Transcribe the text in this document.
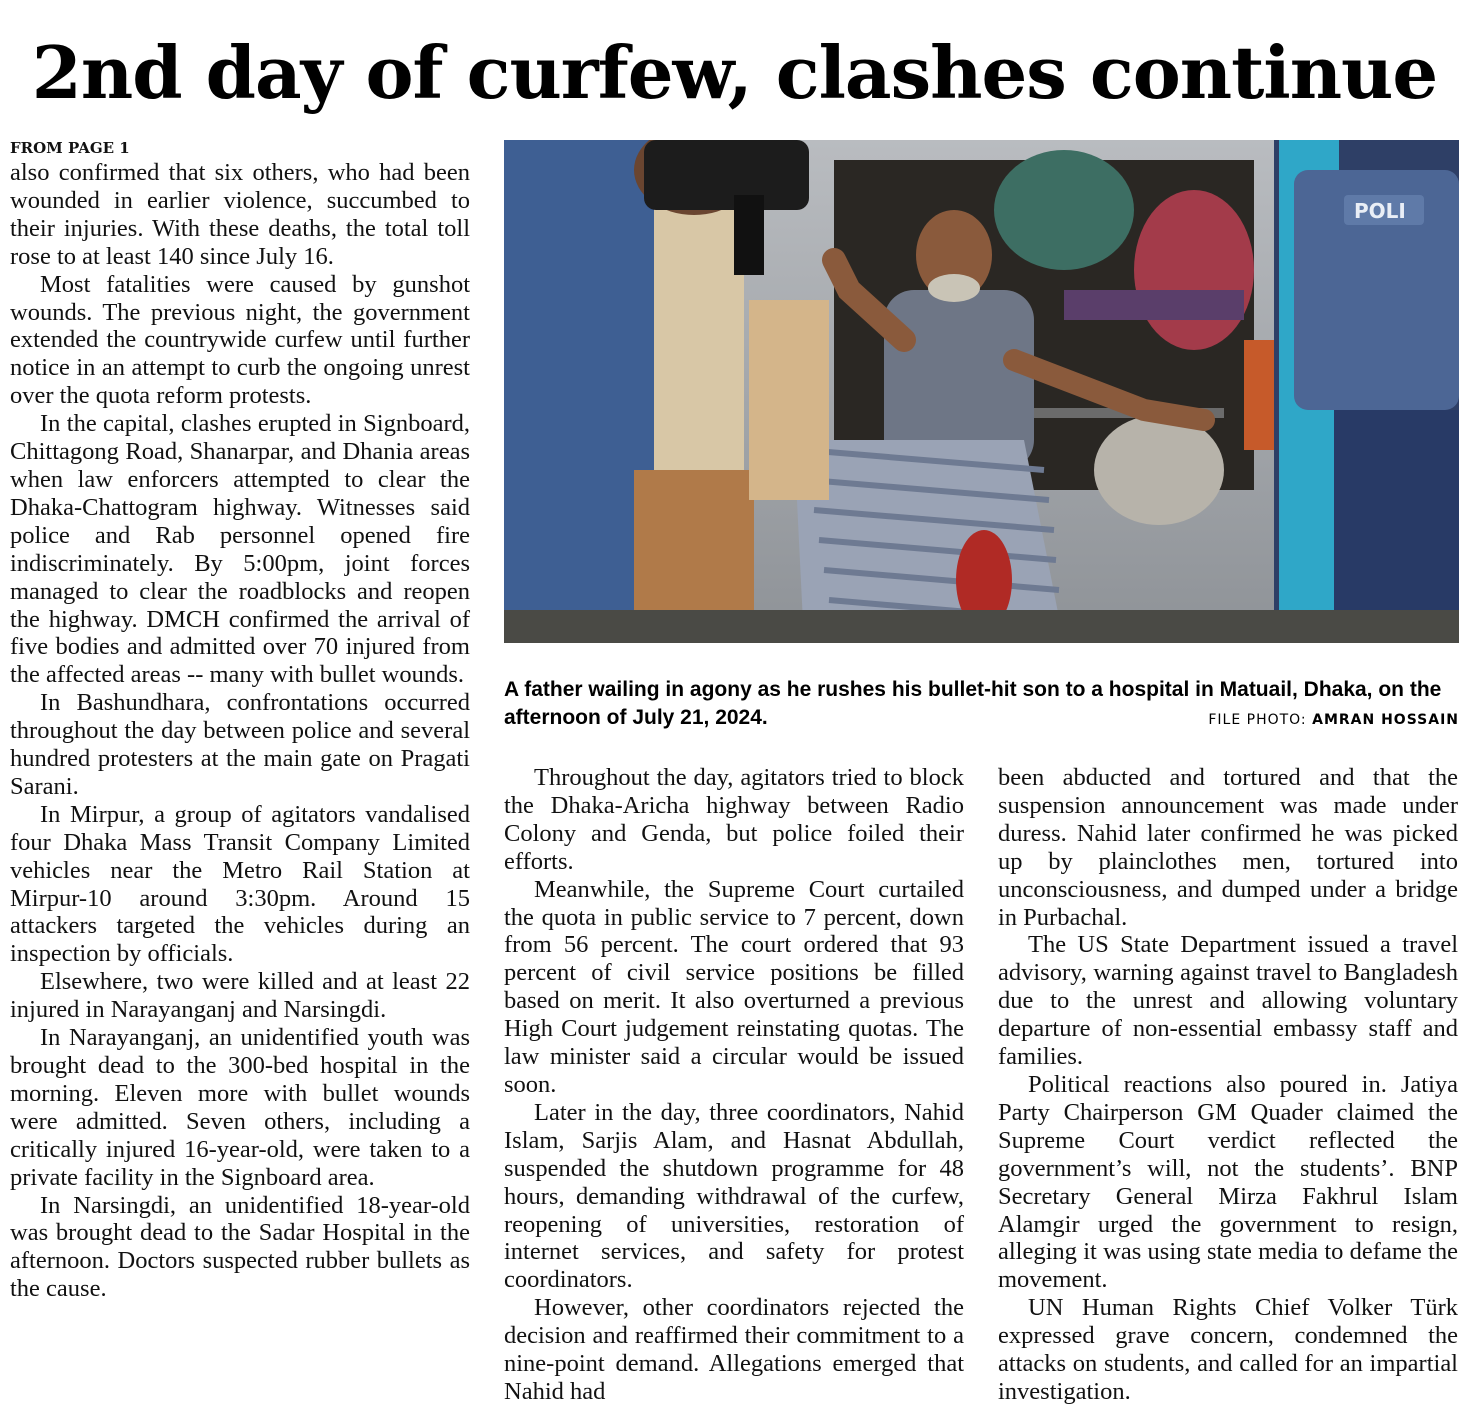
2nd day of curfew, clashes continue
FROM PAGE 1

also confirmed that six others, who had been wounded in earlier violence, succumbed to their injuries. With these deaths, the total toll rose to at least 140 since July 16.

Most fatalities were caused by gunshot wounds. The previous night, the government extended the countrywide curfew until further notice in an attempt to curb the ongoing unrest over the quota reform protests.

In the capital, clashes erupted in Signboard, Chittagong Road, Shanarpar, and Dhania areas when law enforcers attempted to clear the Dhaka-Chattogram highway. Witnesses said police and Rab personnel opened fire indiscriminately. By 5:00pm, joint forces managed to clear the roadblocks and reopen the highway. DMCH confirmed the arrival of five bodies and admitted over 70 injured from the affected areas -- many with bullet wounds.

In Bashundhara, confrontations occurred throughout the day between police and several hundred protesters at the main gate on Pragati Sarani.

In Mirpur, a group of agitators vandalised four Dhaka Mass Transit Company Limited vehicles near the Metro Rail Station at Mirpur-10 around 3:30pm. Around 15 attackers targeted the vehicles during an inspection by officials.

Elsewhere, two were killed and at least 22 injured in Narayanganj and Narsingdi.

In Narayanganj, an unidentified youth was brought dead to the 300-bed hospital in the morning. Eleven more with bullet wounds were admitted. Seven others, including a critically injured 16-year-old, were taken to a private facility in the Signboard area.

In Narsingdi, an unidentified 18-year-old was brought dead to the Sadar Hospital in the afternoon. Doctors suspected rubber bullets as the cause.

POLI
A father wailing in agony as he rushes his bullet-hit son to a hospital in Matuail, Dhaka, on the afternoon of July 21, 2024.	FILE PHOTO: AMRAN HOSSAIN

Throughout the day, agitators tried to block the Dhaka-Aricha highway between Radio Colony and Genda, but police foiled their efforts.

Meanwhile, the Supreme Court curtailed the quota in public service to 7 percent, down from 56 percent. The court ordered that 93 percent of civil service positions be filled based on merit. It also overturned a previous High Court judgement reinstating quotas. The law minister said a circular would be issued soon.

Later in the day, three coordinators, Nahid Islam, Sarjis Alam, and Hasnat Abdullah, suspended the shutdown programme for 48 hours, demanding withdrawal of the curfew, reopening of universities, restoration of internet services, and safety for protest coordinators.

However, other coordinators rejected the decision and reaffirmed their commitment to a nine-point demand. Allegations emerged that Nahid had

been abducted and tortured and that the suspension announcement was made under duress. Nahid later confirmed he was picked up by plainclothes men, tortured into unconsciousness, and dumped under a bridge in Purbachal.

The US State Department issued a travel advisory, warning against travel to Bangladesh due to the unrest and allowing voluntary departure of non-essential embassy staff and families.

Political reactions also poured in. Jatiya Party Chairperson GM Quader claimed the Supreme Court verdict reflected the government’s will, not the students’. BNP Secretary General Mirza Fakhrul Islam Alamgir urged the government to resign, alleging it was using state media to defame the movement.

UN Human Rights Chief Volker Türk expressed grave concern, condemned the attacks on students, and called for an impartial investigation.
